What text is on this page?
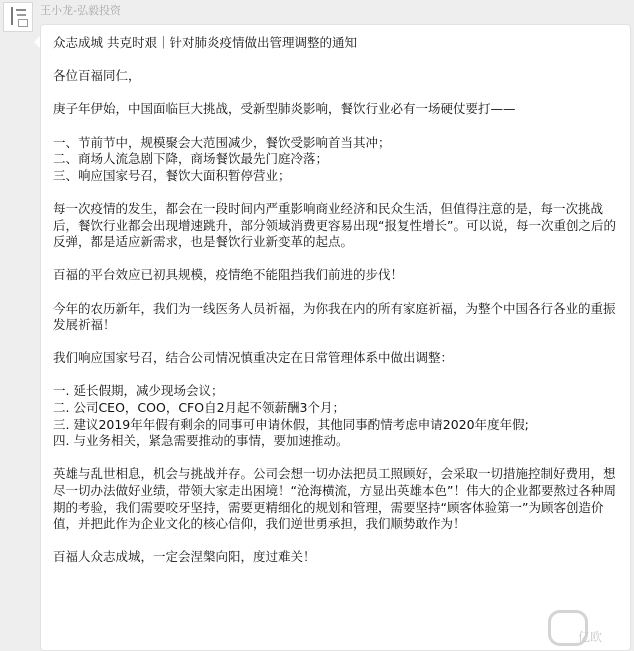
王小龙-弘毅投资

众志成城 共克时艰｜针对肺炎疫情做出管理调整的通知

各位百福同仁，

庚子年伊始，中国面临巨大挑战，受新型肺炎影响，餐饮行业必有一场硬仗要打——

一、节前节中，规模聚会大范围减少，餐饮受影响首当其冲；
二、商场人流急剧下降，商场餐饮最先门庭冷落；
三、响应国家号召，餐饮大面积暂停营业；

每一次疫情的发生，都会在一段时间内严重影响商业经济和民众生活，但值得注意的是，每一次挑战后，餐饮行业都会出现增速跳升，部分领域消费更容易出现“报复性增长”。可以说，每一次重创之后的反弹，都是适应新需求，也是餐饮行业新变革的起点。

百福的平台效应已初具规模，疫情绝不能阻挡我们前进的步伐！

今年的农历新年，我们为一线医务人员祈福，为你我在内的所有家庭祈福，为整个中国各行各业的重振发展祈福！

我们响应国家号召，结合公司情况慎重决定在日常管理体系中做出调整：

一. 延长假期，减少现场会议；
二. 公司CEO，COO，CFO自2月起不领薪酬3个月；
三. 建议2019年年假有剩余的同事可申请休假，其他同事酌情考虑申请2020年度年假;
四. 与业务相关，紧急需要推动的事情，要加速推动。

英雄与乱世相息，机会与挑战并存。公司会想一切办法把员工照顾好，会采取一切措施控制好费用，想尽一切办法做好业绩，带领大家走出困境！“沧海横流，方显出英雄本色”！伟大的企业都要熬过各种周期的考验，我们需要咬牙坚持，需要更精细化的规划和管理，需要坚持“顾客体验第一”为顾客创造价值，并把此作为企业文化的核心信仰，我们逆世勇承担，我们顺势敢作为！

百福人众志成城，一定会涅槃向阳，度过难关！

亿欧
